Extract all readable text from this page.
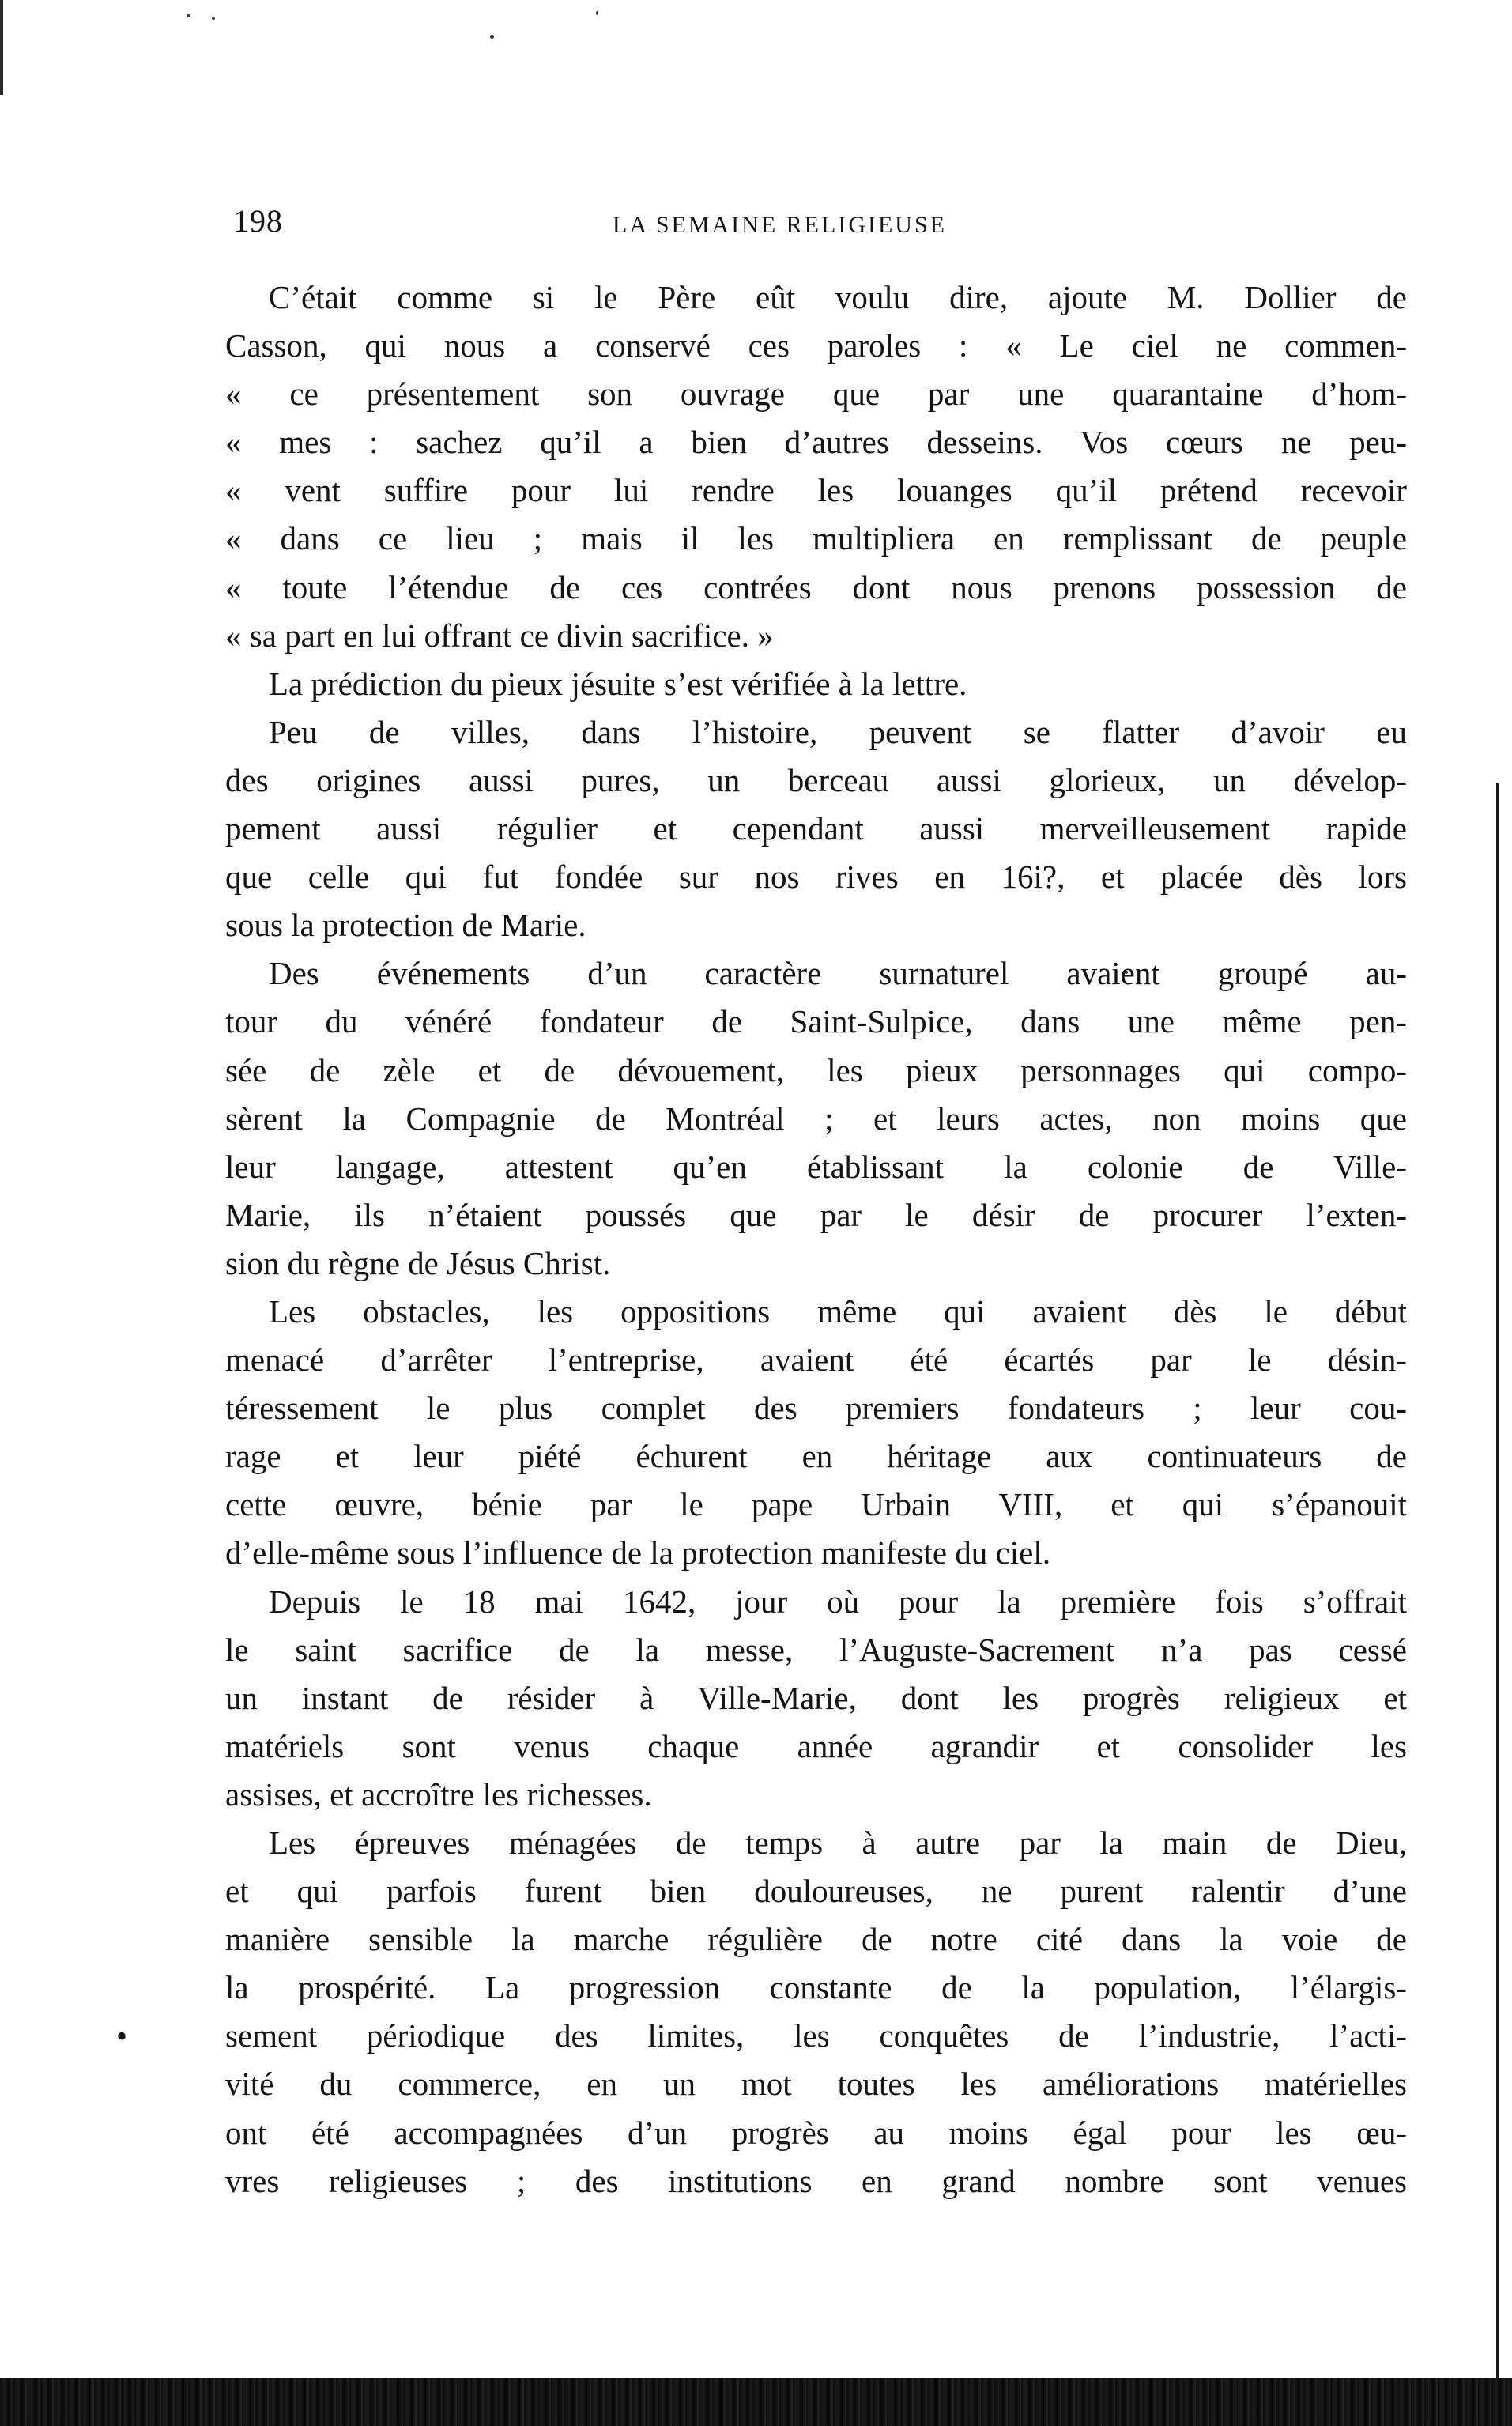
198	LA SEMAINE RELIGIEUSE
C’était comme si le Père eût voulu dire, ajoute M. Dollier de
Casson, qui nous a conservé ces paroles : « Le ciel ne commen-
« ce présentement son ouvrage que par une quarantaine d’hom-
« mes : sachez qu’il a bien d’autres desseins. Vos cœurs ne peu-
« vent suffire pour lui rendre les louanges qu’il prétend recevoir
« dans ce lieu ; mais il les multipliera en remplissant de peuple
« toute l’étendue de ces contrées dont nous prenons possession de
« sa part en lui offrant ce divin sacrifice. »
La prédiction du pieux jésuite s’est vérifiée à la lettre.
Peu de villes, dans l’histoire, peuvent se flatter d’avoir eu
des origines aussi pures, un berceau aussi glorieux, un dévelop-
pement aussi régulier et cependant aussi merveilleusement rapide
que celle qui fut fondée sur nos rives en 16i?, et placée dès lors
sous la protection de Marie.
Des événements d’un caractère surnaturel avaient groupé au-
tour du vénéré fondateur de Saint-Sulpice, dans une même pen-
sée de zèle et de dévouement, les pieux personnages qui compo-
sèrent la Compagnie de Montréal ; et leurs actes, non moins que
leur langage, attestent qu’en établissant la colonie de Ville-
Marie, ils n’étaient poussés que par le désir de procurer l’exten-
sion du règne de Jésus Christ.
Les obstacles, les oppositions même qui avaient dès le début
menacé d’arrêter l’entreprise, avaient été écartés par le désin-
téressement le plus complet des premiers fondateurs ; leur cou-
rage et leur piété échurent en héritage aux continuateurs de
cette œuvre, bénie par le pape Urbain VIII, et qui s’épanouit
d’elle-même sous l’influence de la protection manifeste du ciel.
Depuis le 18 mai 1642, jour où pour la première fois s’offrait
le saint sacrifice de la messe, l’Auguste-Sacrement n’a pas cessé
un instant de résider à Ville-Marie, dont les progrès religieux et
matériels sont venus chaque année agrandir et consolider les
assises, et accroître les richesses.
Les épreuves ménagées de temps à autre par la main de Dieu,
et qui parfois furent bien douloureuses, ne purent ralentir d’une
manière sensible la marche régulière de notre cité dans la voie de
la prospérité. La progression constante de la population, l’élargis-
sement périodique des limites, les conquêtes de l’industrie, l’acti-
vité du commerce, en un mot toutes les améliorations matérielles
ont été accompagnées d’un progrès au moins égal pour les œu-
vres religieuses ; des institutions en grand nombre sont venues
•
